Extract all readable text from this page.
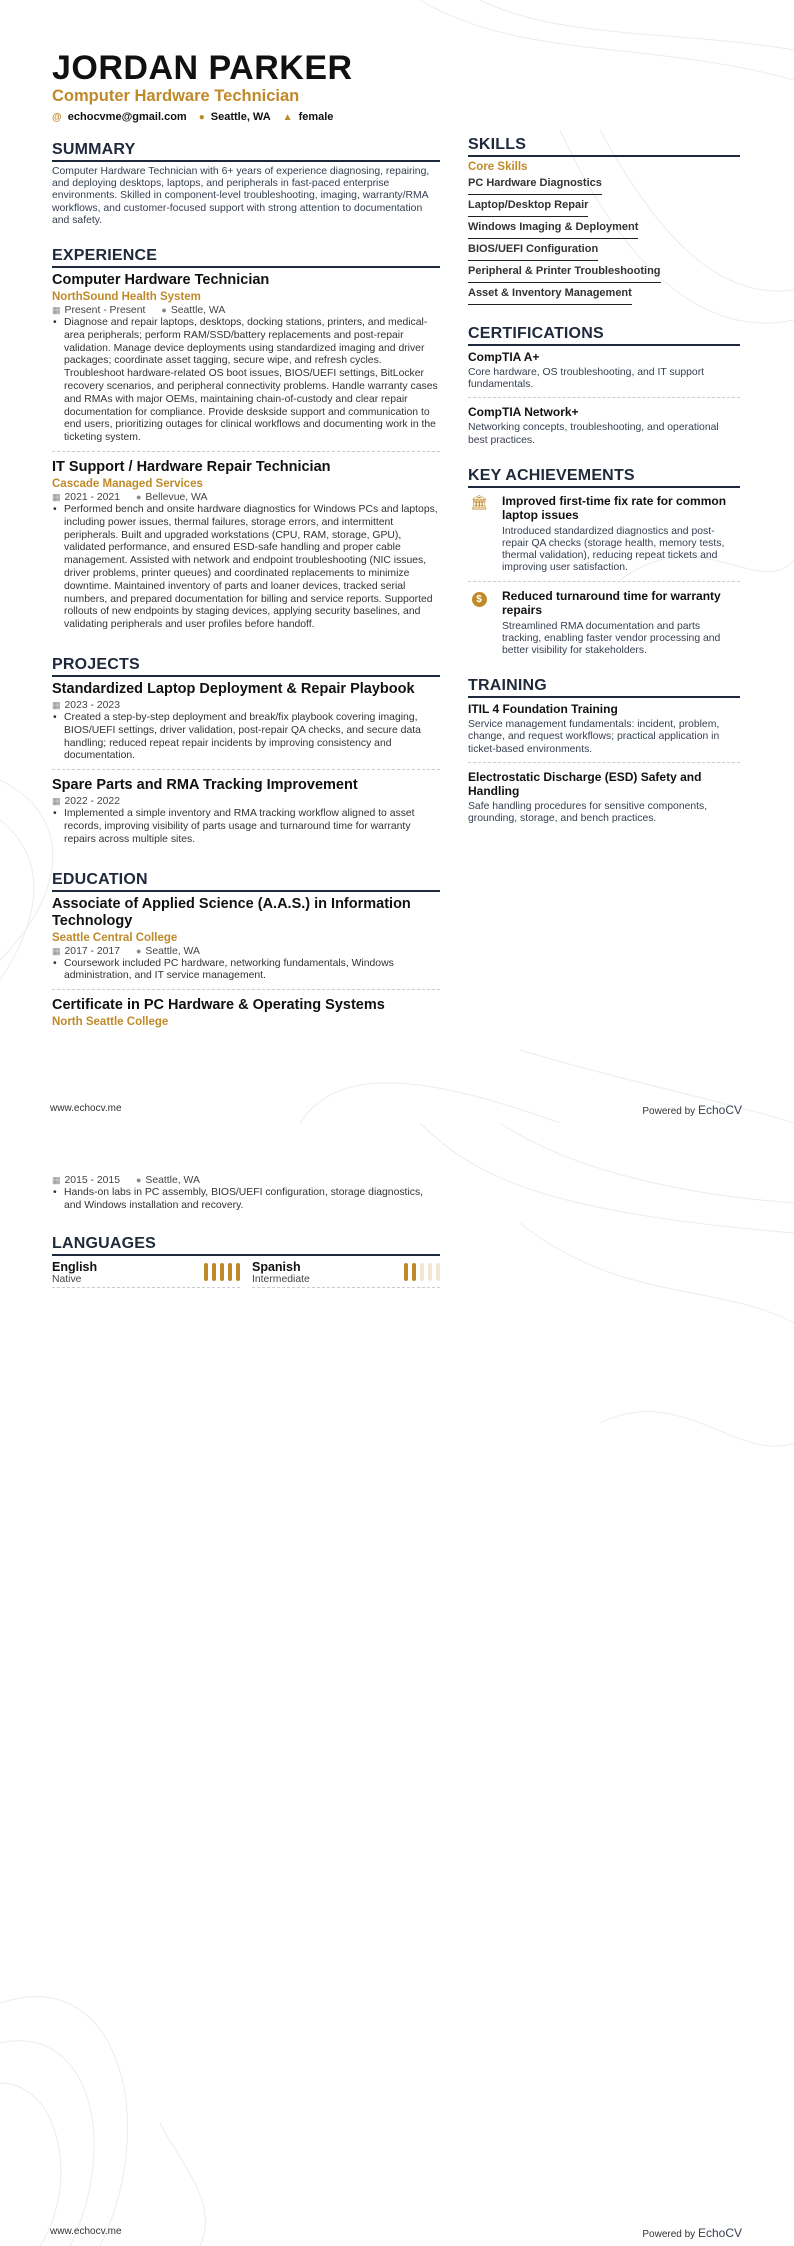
JORDAN PARKER
Computer Hardware Technician
@ echocvme@gmail.com ● Seattle, WA ▲ female
SUMMARY
Computer Hardware Technician with 6+ years of experience diagnosing, repairing, and deploying desktops, laptops, and peripherals in fast-paced enterprise environments. Skilled in component-level troubleshooting, imaging, warranty/RMA workflows, and customer-focused support with strong attention to documentation and safety.
EXPERIENCE
Computer Hardware Technician
NorthSound Health System
▦ Present - Present ● Seattle, WA
• Diagnose and repair laptops, desktops, docking stations, printers, and medical-area peripherals; perform RAM/SSD/battery replacements and post-repair validation. Manage device deployments using standardized imaging and driver packages; coordinate asset tagging, secure wipe, and refresh cycles. Troubleshoot hardware-related OS boot issues, BIOS/UEFI settings, BitLocker recovery scenarios, and peripheral connectivity problems. Handle warranty cases and RMAs with major OEMs, maintaining chain-of-custody and clear repair documentation for compliance. Provide deskside support and communication to end users, prioritizing outages for clinical workflows and documenting work in the ticketing system.
IT Support / Hardware Repair Technician
Cascade Managed Services
▦ 2021 - 2021 ● Bellevue, WA
• Performed bench and onsite hardware diagnostics for Windows PCs and laptops, including power issues, thermal failures, storage errors, and intermittent peripherals. Built and upgraded workstations (CPU, RAM, storage, GPU), validated performance, and ensured ESD-safe handling and proper cable management. Assisted with network and endpoint troubleshooting (NIC issues, driver problems, printer queues) and coordinated replacements to minimize downtime. Maintained inventory of parts and loaner devices, tracked serial numbers, and prepared documentation for billing and service reports. Supported rollouts of new endpoints by staging devices, applying security baselines, and validating peripherals and user profiles before handoff.
PROJECTS
Standardized Laptop Deployment & Repair Playbook
▦ 2023 - 2023
• Created a step-by-step deployment and break/fix playbook covering imaging, BIOS/UEFI settings, driver validation, post-repair QA checks, and secure data handling; reduced repeat repair incidents by improving consistency and documentation.
Spare Parts and RMA Tracking Improvement
▦ 2022 - 2022
• Implemented a simple inventory and RMA tracking workflow aligned to asset records, improving visibility of parts usage and turnaround time for warranty repairs across multiple sites.
EDUCATION
Associate of Applied Science (A.A.S.) in Information Technology
Seattle Central College
▦ 2017 - 2017 ● Seattle, WA
• Coursework included PC hardware, networking fundamentals, Windows administration, and IT service management.
Certificate in PC Hardware & Operating Systems
North Seattle College
SKILLS
Core Skills
PC Hardware Diagnostics
Laptop/Desktop Repair
Windows Imaging & Deployment
BIOS/UEFI Configuration
Peripheral & Printer Troubleshooting
Asset & Inventory Management
CERTIFICATIONS
CompTIA A+
Core hardware, OS troubleshooting, and IT support fundamentals.
CompTIA Network+
Networking concepts, troubleshooting, and operational best practices.
KEY ACHIEVEMENTS
🏛 Improved first-time fix rate for common laptop issues
Introduced standardized diagnostics and post-repair QA checks (storage health, memory tests, thermal validation), reducing repeat tickets and improving user satisfaction.
$	Reduced turnaround time for warranty repairs
Streamlined RMA documentation and parts tracking, enabling faster vendor processing and better visibility for stakeholders.
TRAINING
ITIL 4 Foundation Training
Service management fundamentals: incident, problem, change, and request workflows; practical application in ticket-based environments.
Electrostatic Discharge (ESD) Safety and Handling
Safe handling procedures for sensitive components, grounding, storage, and bench practices.
www.echocv.me	Powered by EchoCV
▦ 2015 - 2015 ● Seattle, WA
• Hands-on labs in PC assembly, BIOS/UEFI configuration, storage diagnostics, and Windows installation and recovery.
LANGUAGES
English
Native
Spanish
Intermediate
www.echocv.me	Powered by EchoCV
